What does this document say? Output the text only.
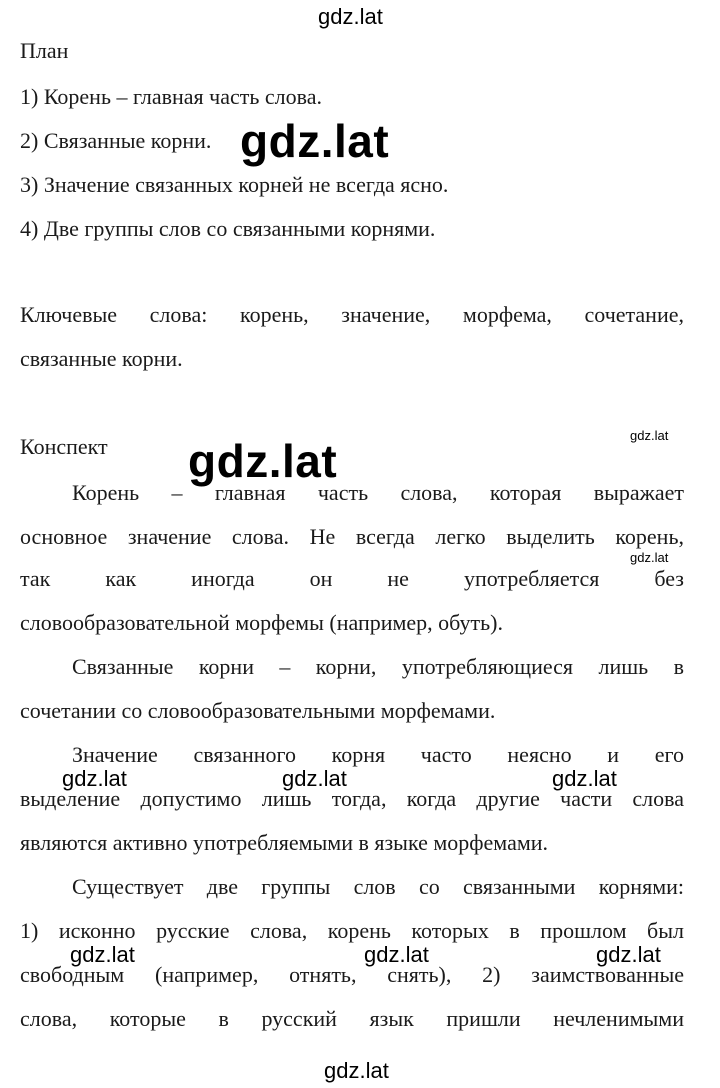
План
1) Корень – главная часть слова.
2) Связанные корни.
3) Значение связанных корней не всегда ясно.
4) Две группы слов со связанными корнями.
Ключевые слова: корень, значение, морфема, сочетание,
связанные корни.
Конспект
Корень – главная часть слова, которая выражает
основное значение слова. Не всегда легко выделить корень,
так как иногда он не употребляется без
словообразовательной морфемы (например, обуть).
Связанные корни – корни, употребляющиеся лишь в
сочетании со словообразовательными морфемами.
Значение связанного корня часто неясно и его
выделение допустимо лишь тогда, когда другие части слова
являются активно употребляемыми в языке морфемами.
Существует две группы слов со связанными корнями:
1) исконно русские слова, корень которых в прошлом был
свободным (например, отнять, снять), 2) заимствованные
слова, которые в русский язык пришли нечленимыми
gdz.lat
gdz.lat
gdz.lat
gdz.lat
gdz.lat
gdz.lat	gdz.lat	gdz.lat
gdz.lat	gdz.lat	gdz.lat
gdz.lat
